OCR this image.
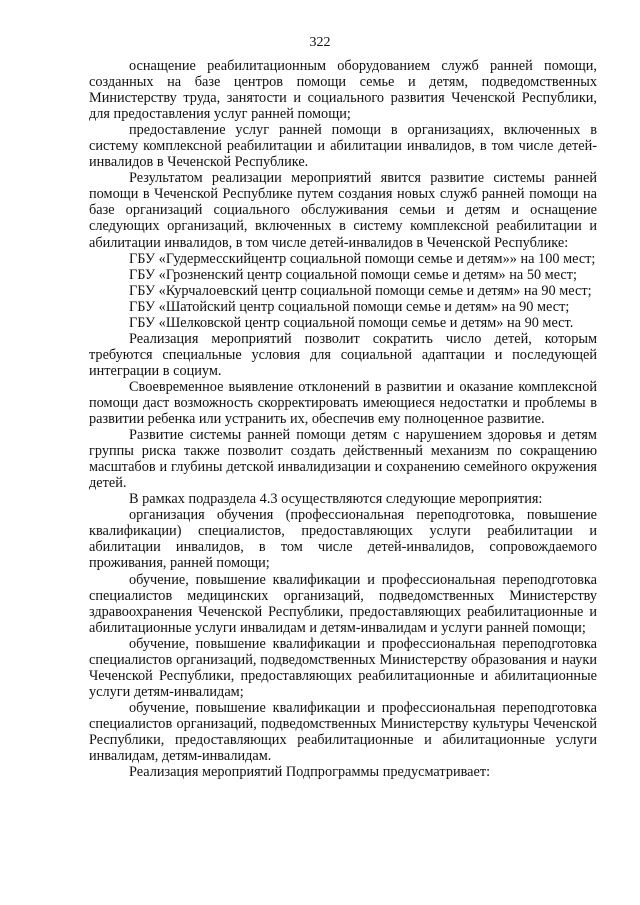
322

оснащение реабилитационным оборудованием служб ранней помощи, созданных на базе центров помощи семье и детям, подведомственных Министерству труда, занятости и социального развития Чеченской Республики, для предоставления услуг ранней помощи;

предоставление услуг ранней помощи в организациях, включенных в систему комплексной реабилитации и абилитации инвалидов, в том числе детей-инвалидов в Чеченской Республике.

Результатом реализации мероприятий явится развитие системы ранней помощи в Чеченской Республике путем создания новых служб ранней помощи на базе организаций социального обслуживания семьи и детям и оснащение следующих организаций, включенных в систему комплексной реабилитации и абилитации инвалидов, в том числе детей-инвалидов в Чеченской Республике:

ГБУ «Гудермесскийцентр социальной помощи семье и детям»» на 100 мест;

ГБУ «Грозненский центр социальной помощи семье и детям» на 50 мест;

ГБУ «Курчалоевский центр социальной помощи семье и детям» на 90 мест;

ГБУ «Шатойский центр социальной помощи семье и детям» на 90 мест;

ГБУ «Шелковской центр социальной помощи семье и детям» на 90 мест.

Реализация мероприятий позволит сократить число детей, которым требуются специальные условия для социальной адаптации и последующей интеграции в социум.

Своевременное выявление отклонений в развитии и оказание комплексной помощи даст возможность скорректировать имеющиеся недостатки и проблемы в развитии ребенка или устранить их, обеспечив ему полноценное развитие.

Развитие системы ранней помощи детям с нарушением здоровья и детям группы риска также позволит создать действенный механизм по сокращению масштабов и глубины детской инвалидизации и сохранению семейного окружения детей.

В рамках подраздела 4.3 осуществляются следующие мероприятия:

организация обучения (профессиональная переподготовка, повышение квалификации) специалистов, предоставляющих услуги реабилитации и абилитации инвалидов, в том числе детей-инвалидов, сопровождаемого проживания, ранней помощи;

обучение, повышение квалификации и профессиональная переподготовка специалистов медицинских организаций, подведомственных Министерству здравоохранения Чеченской Республики, предоставляющих реабилитационные и абилитационные услуги инвалидам и детям-инвалидам и услуги ранней помощи;

обучение, повышение квалификации и профессиональная переподготовка специалистов организаций, подведомственных Министерству образования и науки Чеченской Республики, предоставляющих реабилитационные и абилитационные услуги детям-инвалидам;

обучение, повышение квалификации и профессиональная переподготовка специалистов организаций, подведомственных Министерству культуры Чеченской Республики, предоставляющих реабилитационные и абилитационные услуги инвалидам, детям-инвалидам.

Реализация мероприятий Подпрограммы предусматривает:
